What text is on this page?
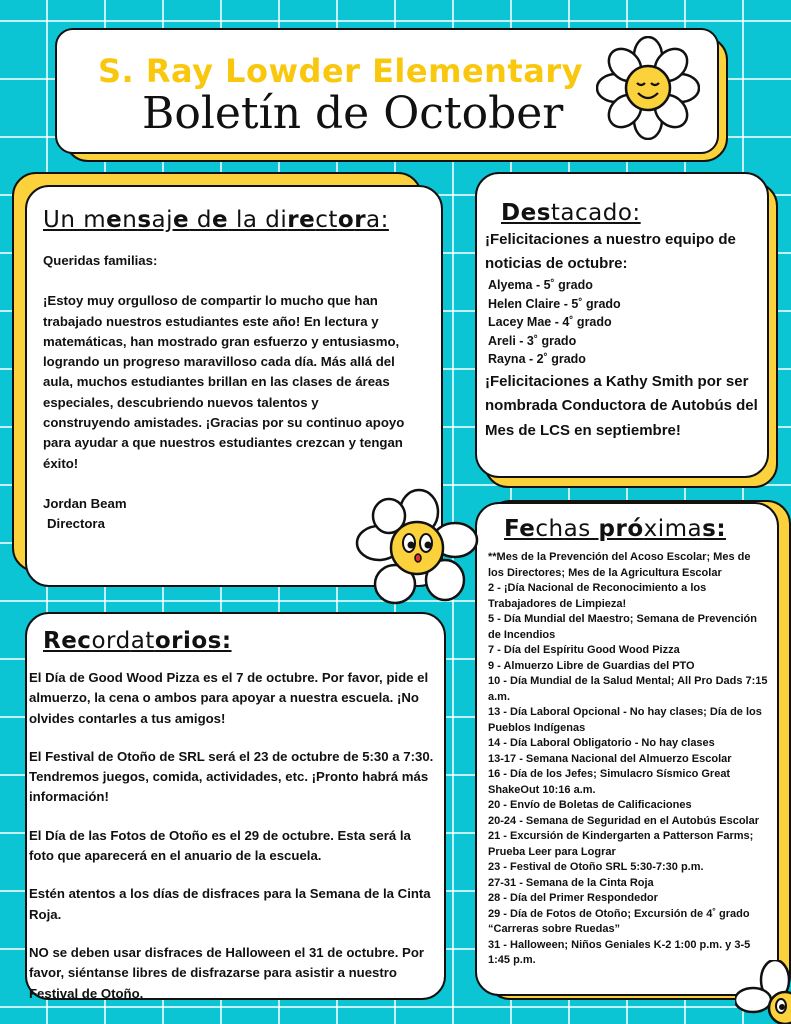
S. Ray Lowder Elementary
Boletín de October
Un mensaje de la directora:
Queridas familias:
¡Estoy muy orgulloso de compartir lo mucho que han trabajado nuestros estudiantes este año! En lectura y matemáticas, han mostrado gran esfuerzo y entusiasmo, logrando un progreso maravilloso cada día. Más allá del aula, muchos estudiantes brillan en las clases de áreas especiales, descubriendo nuevos talentos y construyendo amistades. ¡Gracias por su continuo apoyo para ayudar a que nuestros estudiantes crezcan y tengan éxito!
Jordan Beam
Directora
Destacado:
¡Felicitaciones a nuestro equipo de noticias de octubre:
Alyema - 5˚ grado
Helen Claire - 5˚ grado
Lacey Mae - 4˚ grado
Areli - 3˚ grado
Rayna - 2˚ grado
¡Felicitaciones a Kathy Smith por ser nombrada Conductora de Autobús del Mes de LCS en septiembre!
Fechas próximas:
**Mes de la Prevención del Acoso Escolar; Mes de los Directores; Mes de la Agricultura Escolar
2 - ¡Día Nacional de Reconocimiento a los Trabajadores de Limpieza!
5 - Día Mundial del Maestro; Semana de Prevención de Incendios
7 - Día del Espíritu Good Wood Pizza
9 - Almuerzo Libre de Guardias del PTO
10 - Día Mundial de la Salud Mental; All Pro Dads 7:15 a.m.
13 - Día Laboral Opcional - No hay clases; Día de los Pueblos Indígenas
14 - Día Laboral Obligatorio - No hay clases
13-17 - Semana Nacional del Almuerzo Escolar
16 - Día de los Jefes; Simulacro Sísmico Great ShakeOut 10:16 a.m.
20 - Envío de Boletas de Calificaciones
20-24 - Semana de Seguridad en el Autobús Escolar
21 - Excursión de Kindergarten a Patterson Farms; Prueba Leer para Lograr
23 - Festival de Otoño SRL 5:30-7:30 p.m.
27-31 - Semana de la Cinta Roja
28 - Día del Primer Respondedor
29 - Día de Fotos de Otoño; Excursión de 4˚ grado “Carreras sobre Ruedas”
31 - Halloween; Niños Geniales K-2 1:00 p.m. y 3-5 1:45 p.m.
Recordatorios:
El Día de Good Wood Pizza es el 7 de octubre. Por favor, pide el almuerzo, la cena o ambos para apoyar a nuestra escuela. ¡No olvides contarles a tus amigos!
El Festival de Otoño de SRL será el 23 de octubre de 5:30 a 7:30. Tendremos juegos, comida, actividades, etc. ¡Pronto habrá más información!
El Día de las Fotos de Otoño es el 29 de octubre. Esta será la foto que aparecerá en el anuario de la escuela.
Estén atentos a los días de disfraces para la Semana de la Cinta Roja.
NO se deben usar disfraces de Halloween el 31 de octubre. Por favor, siéntanse libres de disfrazarse para asistir a nuestro Festival de Otoño.
